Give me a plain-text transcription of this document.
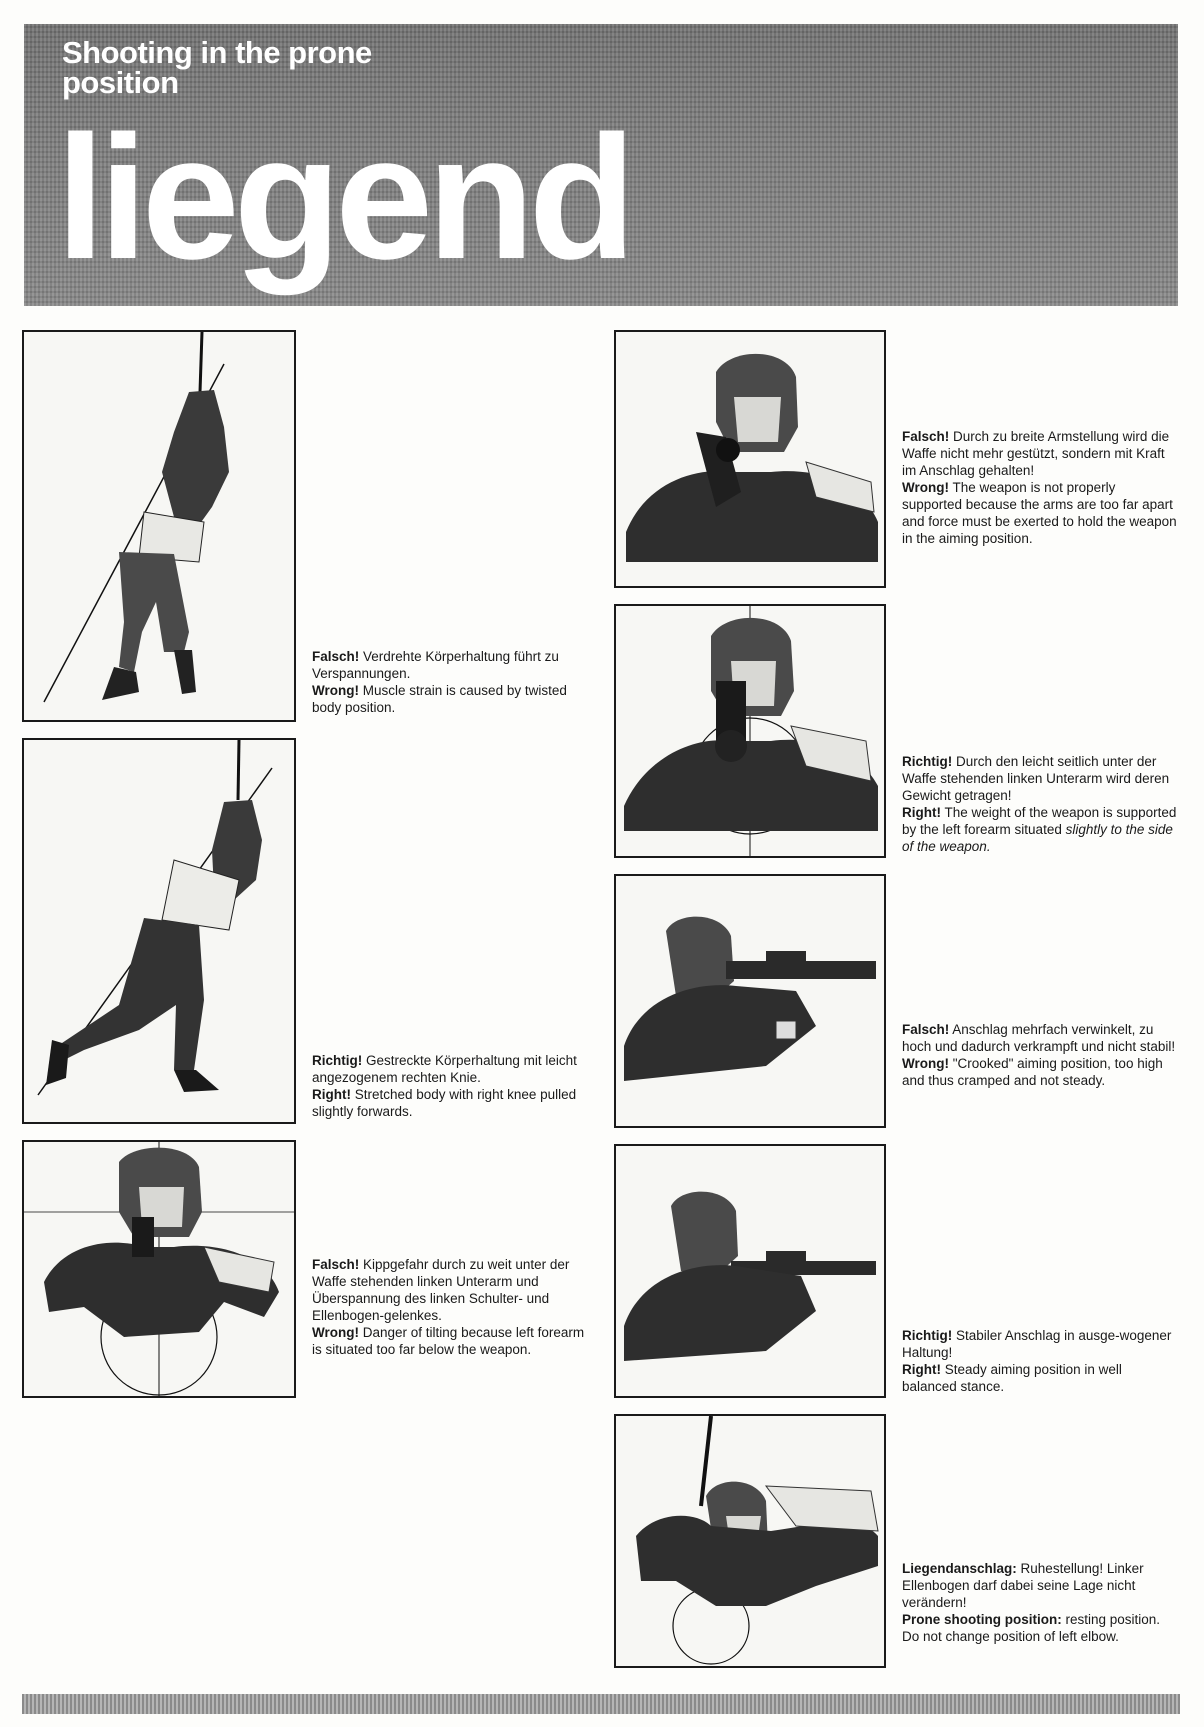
Shooting in the prone position
liegend
Falsch! Verdrehte Körperhaltung führt zu Verspannungen.
Wrong! Muscle strain is caused by twisted body position.
Richtig! Gestreckte Körperhaltung mit leicht angezogenem rechten Knie.
Right! Stretched body with right knee pulled slightly forwards.
Falsch! Kippgefahr durch zu weit unter der Waffe stehenden linken Unterarm und Überspannung des linken Schulter- und Ellenbogen-gelenkes.
Wrong! Danger of tilting because left forearm is situated too far below the weapon.
Falsch! Durch zu breite Armstellung wird die Waffe nicht mehr gestützt, sondern mit Kraft im Anschlag gehalten!
Wrong! The weapon is not properly supported because the arms are too far apart and force must be exerted to hold the weapon in the aiming position.
Richtig! Durch den leicht seitlich unter der Waffe stehenden linken Unterarm wird deren Gewicht getragen!
Right! The weight of the weapon is supported by the left forearm situated slightly to the side of the weapon.
Falsch! Anschlag mehrfach verwinkelt, zu hoch und dadurch verkrampft und nicht stabil!
Wrong! "Crooked" aiming position, too high and thus cramped and not steady.
Richtig! Stabiler Anschlag in ausge-wogener Haltung!
Right! Steady aiming position in well balanced stance.
Liegendanschlag: Ruhestellung! Linker Ellenbogen darf dabei seine Lage nicht verändern!
Prone shooting position: resting position. Do not change position of left elbow.
